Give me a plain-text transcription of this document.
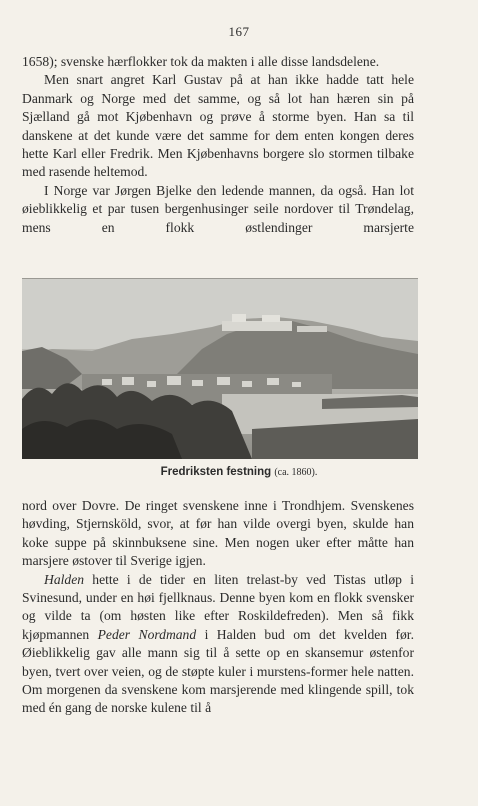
167

1658); svenske hærflokker tok da makten i alle disse landsdelene.

Men snart angret Karl Gustav på at han ikke hadde tatt hele Danmark og Norge med det samme, og så lot han hæren sin på Sjælland gå mot Kjøbenhavn og prøve å storme byen. Han sa til danskene at det kunde være det samme for dem enten kongen deres hette Karl eller Fredrik. Men Kjøbenhavns borgere slo stormen tilbake med rasende heltemod.

I Norge var Jørgen Bjelke den ledende mannen, da også. Han lot øieblikkelig et par tusen bergenhusinger seile nordover til Trøndelag, mens en flokk østlendinger marsjerte

Fredriksten festning (ca. 1860).

nord over Dovre. De ringet svenskene inne i Trondhjem. Svenskenes høvding, Stjernsköld, svor, at før han vilde overgi byen, skulde han koke suppe på skinnbuksene sine. Men nogen uker efter måtte han marsjere østover til Sverige igjen.

Halden hette i de tider en liten trelast-by ved Tistas utløp i Svinesund, under en høi fjellknaus. Denne byen kom en flokk svensker og vilde ta (om høsten like efter Roskildefreden). Men så fikk kjøpmannen Peder Nordmand i Halden bud om det kvelden før. Øieblikkelig gav alle mann sig til å sette op en skansemur østenfor byen, tvert over veien, og de støpte kuler i murstens-former hele natten. Om morgenen da svenskene kom marsjerende med klingende spill, tok med én gang de norske kulene til å
